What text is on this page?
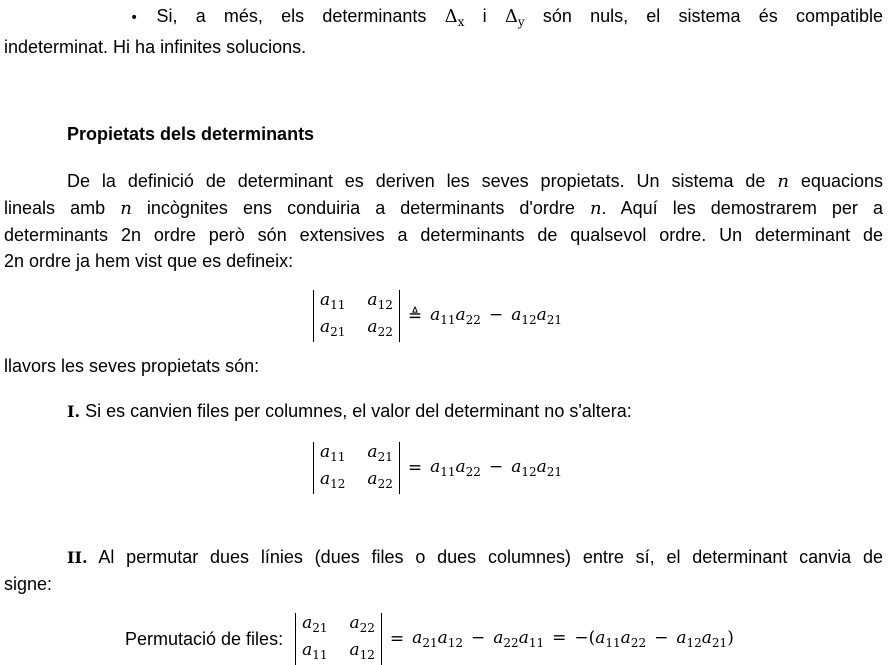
• Si, a més, els determinants $\Delta_x$ i $\Delta_y$ són nuls, el sistema és compatible
indeterminat. Hi ha infinites solucions.
Propietats dels determinants
De la definició de determinant es deriven les seves propietats. Un sistema de n equacions
lineals amb n incògnites ens conduiria a determinants d'ordre n. Aquí les demostrarem per a
determinants 2n ordre però són extensives a determinants de qualsevol ordre. Un determinant de
2n ordre ja hem vist que es defineix:
$a_{11}$ $a_{12}$
$a_{21}$ $a_{22}$
≜ $a_{11}a_{22} - a_{12}a_{21}$
llavors les seves propietats són:
I. Si es canvien files per columnes, el valor del determinant no s'altera:
$a_{11}$ $a_{21}$
$a_{12}$ $a_{22}$
= $a_{11}a_{22} - a_{12}a_{21}$
II. Al permutar dues línies (dues files o dues columnes) entre sí, el determinant canvia de
signe:
Permutació de files:
$a_{21}$ $a_{22}$
$a_{11}$ $a_{12}$
= $a_{21}a_{12} - a_{22}a_{11} = -(a_{11}a_{22} - a_{12}a_{21})$
